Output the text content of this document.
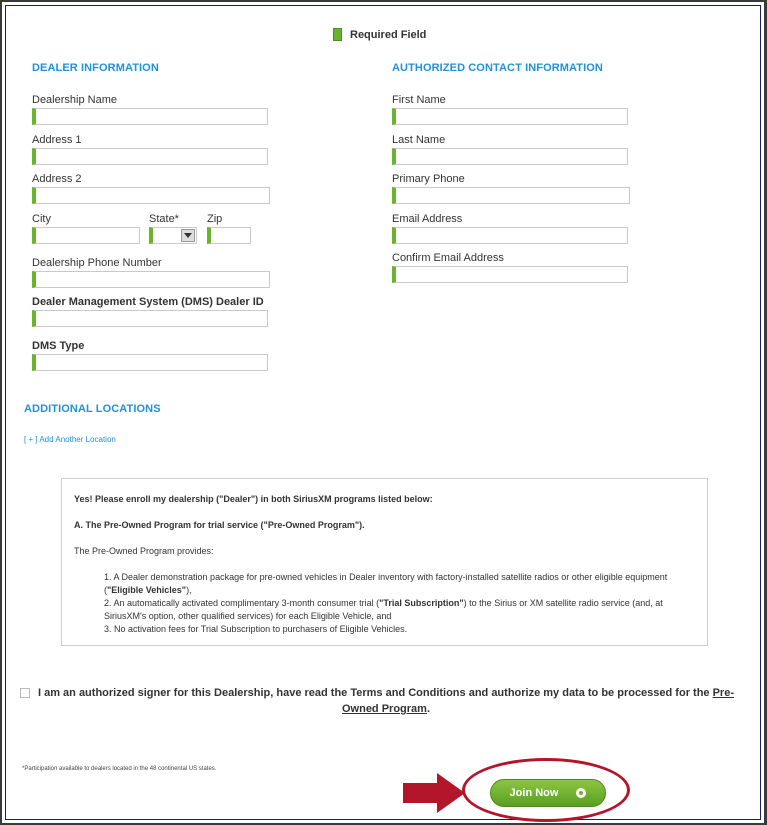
Required Field
DEALER INFORMATION
Dealership Name
Address 1
Address 2
City	State*	Zip
Dealership Phone Number
Dealer Management System (DMS) Dealer ID
DMS Type
AUTHORIZED CONTACT INFORMATION
First Name
Last Name
Primary Phone
Email Address
Confirm Email Address
ADDITIONAL LOCATIONS
[ + ] Add Another Location

Yes! Please enroll my dealership ("Dealer") in both SiriusXM programs listed below:

A. The Pre-Owned Program for trial service ("Pre-Owned Program").

The Pre-Owned Program provides:

1. A Dealer demonstration package for pre-owned vehicles in Dealer inventory with factory-installed satellite radios or other eligible equipment ("Eligible Vehicles"),
2. An automatically activated complimentary 3-month consumer trial ("Trial Subscription") to the Sirius or XM satellite radio service (and, at SiriusXM's option, other qualified services) for each Eligible Vehicle, and
3. No activation fees for Trial Subscription to purchasers of Eligible Vehicles.
I am an authorized signer for this Dealership, have read the Terms and Conditions and authorize my data to be processed for the Pre-Owned Program.
*Participation available to dealers located in the 48 continental US states.
Join Now
